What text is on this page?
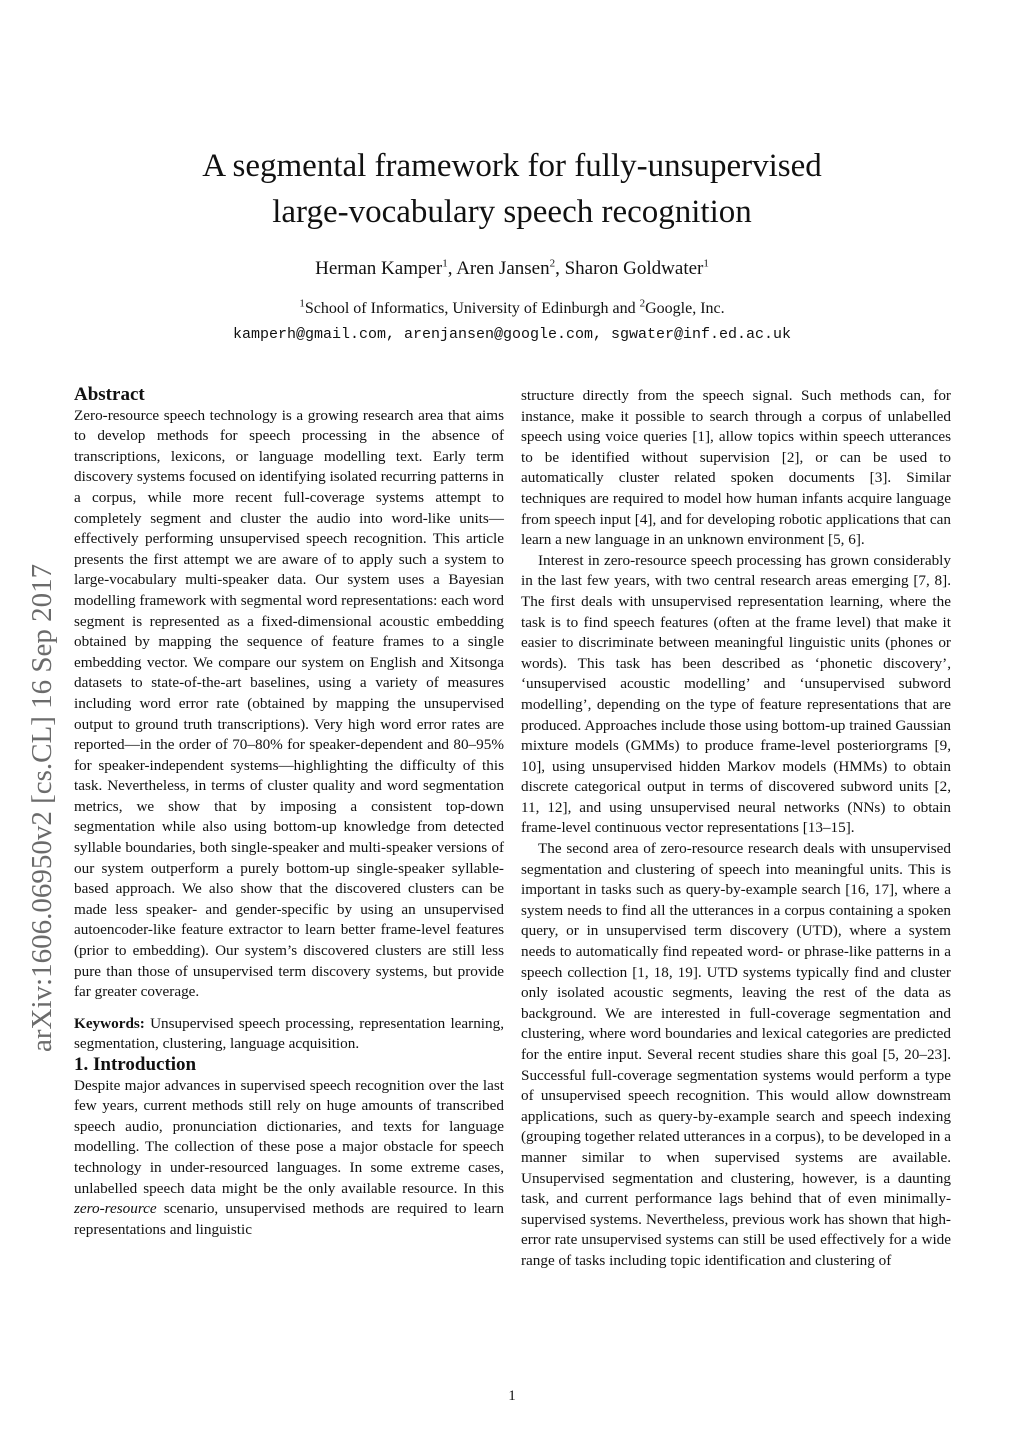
A segmental framework for fully-unsupervised
large-vocabulary speech recognition
Herman Kamper$^1$, Aren Jansen$^2$, Sharon Goldwater$^1$
$^1$School of Informatics, University of Edinburgh and $^2$Google, Inc.
kamperh@gmail.com, arenjansen@google.com, sgwater@inf.ed.ac.uk
arXiv:1606.06950v2 [cs.CL] 16 Sep 2017

Abstract

Zero-resource speech technology is a growing research area that aims to develop methods for speech processing in the absence of transcriptions, lexicons, or language modelling text. Early term discovery systems focused on identifying isolated recurring patterns in a corpus, while more recent full-coverage systems attempt to completely segment and cluster the audio into word-like units—effectively performing unsupervised speech recognition. This article presents the first attempt we are aware of to apply such a system to large-vocabulary multi-speaker data. Our system uses a Bayesian modelling framework with segmental word representations: each word segment is represented as a fixed-dimensional acoustic embedding obtained by mapping the sequence of feature frames to a single embedding vector. We compare our system on English and Xitsonga datasets to state-of-the-art baselines, using a variety of measures including word error rate (obtained by mapping the unsupervised output to ground truth transcriptions). Very high word error rates are reported—in the order of 70–80% for speaker-dependent and 80–95% for speaker-independent systems—highlighting the difficulty of this task. Nevertheless, in terms of cluster quality and word segmentation metrics, we show that by imposing a consistent top-down segmentation while also using bottom-up knowledge from detected syllable boundaries, both single-speaker and multi-speaker versions of our system outperform a purely bottom-up single-speaker syllable-based approach. We also show that the discovered clusters can be made less speaker- and gender-specific by using an unsupervised autoencoder-like feature extractor to learn better frame-level features (prior to embedding). Our system’s discovered clusters are still less pure than those of unsupervised term discovery systems, but provide far greater coverage.

Keywords: Unsupervised speech processing, representation learning, segmentation, clustering, language acquisition.

1. Introduction

Despite major advances in supervised speech recognition over the last few years, current methods still rely on huge amounts of transcribed speech audio, pronunciation dictionaries, and texts for language modelling. The collection of these pose a major obstacle for speech technology in under-resourced languages. In some extreme cases, unlabelled speech data might be the only available resource. In this zero-resource scenario, unsupervised methods are required to learn representations and linguistic

structure directly from the speech signal. Such methods can, for instance, make it possible to search through a corpus of unlabelled speech using voice queries [1], allow topics within speech utterances to be identified without supervision [2], or can be used to automatically cluster related spoken documents [3]. Similar techniques are required to model how human infants acquire language from speech input [4], and for developing robotic applications that can learn a new language in an unknown environment [5, 6].

Interest in zero-resource speech processing has grown considerably in the last few years, with two central research areas emerging [7, 8]. The first deals with unsupervised representation learning, where the task is to find speech features (often at the frame level) that make it easier to discriminate between meaningful linguistic units (phones or words). This task has been described as ‘phonetic discovery’, ‘unsupervised acoustic modelling’ and ‘unsupervised subword modelling’, depending on the type of feature representations that are produced. Approaches include those using bottom-up trained Gaussian mixture models (GMMs) to produce frame-level posteriorgrams [9, 10], using unsupervised hidden Markov models (HMMs) to obtain discrete categorical output in terms of discovered subword units [2, 11, 12], and using unsupervised neural networks (NNs) to obtain frame-level continuous vector representations [13–15].

The second area of zero-resource research deals with unsupervised segmentation and clustering of speech into meaningful units. This is important in tasks such as query-by-example search [16, 17], where a system needs to find all the utterances in a corpus containing a spoken query, or in unsupervised term discovery (UTD), where a system needs to automatically find repeated word- or phrase-like patterns in a speech collection [1, 18, 19]. UTD systems typically find and cluster only isolated acoustic segments, leaving the rest of the data as background. We are interested in full-coverage segmentation and clustering, where word boundaries and lexical categories are predicted for the entire input. Several recent studies share this goal [5, 20–23]. Successful full-coverage segmentation systems would perform a type of unsupervised speech recognition. This would allow downstream applications, such as query-by-example search and speech indexing (grouping together related utterances in a corpus), to be developed in a manner similar to when supervised systems are available. Unsupervised segmentation and clustering, however, is a daunting task, and current performance lags behind that of even minimally-supervised systems. Nevertheless, previous work has shown that high-error rate unsupervised systems can still be used effectively for a wide range of tasks including topic identification and clustering of

1
